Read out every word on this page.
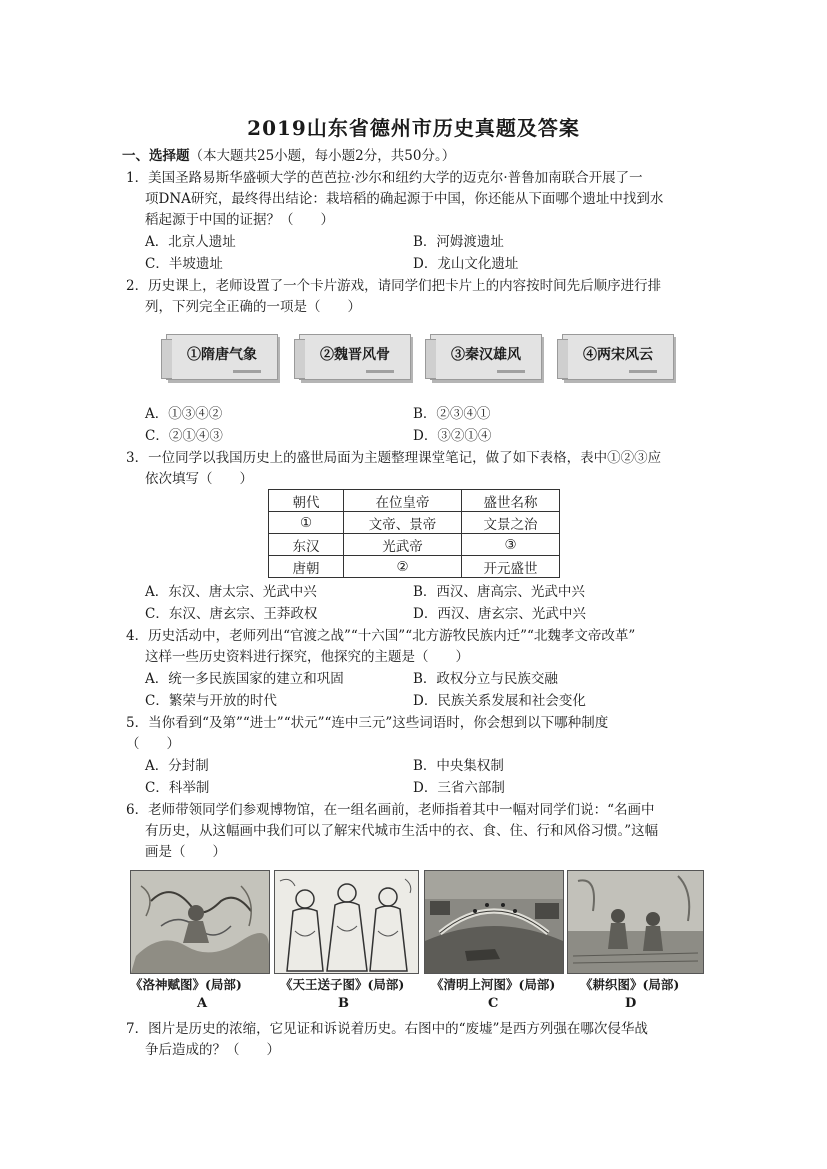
2019山东省德州市历史真题及答案
一、选择题（本大题共25小题，每小题2分，共50分。）
1．美国圣路易斯华盛顿大学的芭芭拉·沙尔和纽约大学的迈克尔·普鲁加南联合开展了一
项DNA研究，最终得出结论：栽培稻的确起源于中国，你还能从下面哪个遗址中找到水
稻起源于中国的证据？（　　）
A．北京人遗址	B．河姆渡遗址
C．半坡遗址	D．龙山文化遗址
2．历史课上，老师设置了一个卡片游戏，请同学们把卡片上的内容按时间先后顺序进行排
列，下列完全正确的一项是（　　）
①隋唐气象	②魏晋风骨	③秦汉雄风	④两宋风云
A．①③④②	B．②③④①
C．②①④③	D．③②①④
3．一位同学以我国历史上的盛世局面为主题整理课堂笔记，做了如下表格，表中①②③应
依次填写（　　）
朝代	在位皇帝	盛世名称
①	文帝、景帝	文景之治
东汉	光武帝	③
唐朝	②	开元盛世
A．东汉、唐太宗、光武中兴	B．西汉、唐高宗、光武中兴
C．东汉、唐玄宗、王莽政权	D．西汉、唐玄宗、光武中兴
4．历史活动中，老师列出“官渡之战”“十六国”“北方游牧民族内迁”“北魏孝文帝改革”
这样一些历史资料进行探究，他探究的主题是（　　）
A．统一多民族国家的建立和巩固	B．政权分立与民族交融
C．繁荣与开放的时代	D．民族关系发展和社会变化
5．当你看到“及第”“进士”“状元”“连中三元”这些词语时，你会想到以下哪种制度
（　　）
A．分封制	B．中央集权制
C．科举制	D．三省六部制
6．老师带领同学们参观博物馆，在一组名画前，老师指着其中一幅对同学们说：“名画中
有历史，从这幅画中我们可以了解宋代城市生活中的衣、食、住、行和风俗习惯。”这幅
画是（　　）
《洛神赋图》(局部)	《天王送子图》(局部) 《清明上河图》(局部) 《耕织图》(局部)
A	B	C	D
7．图片是历史的浓缩，它见证和诉说着历史。右图中的“废墟”是西方列强在哪次侵华战
争后造成的？（　　）
